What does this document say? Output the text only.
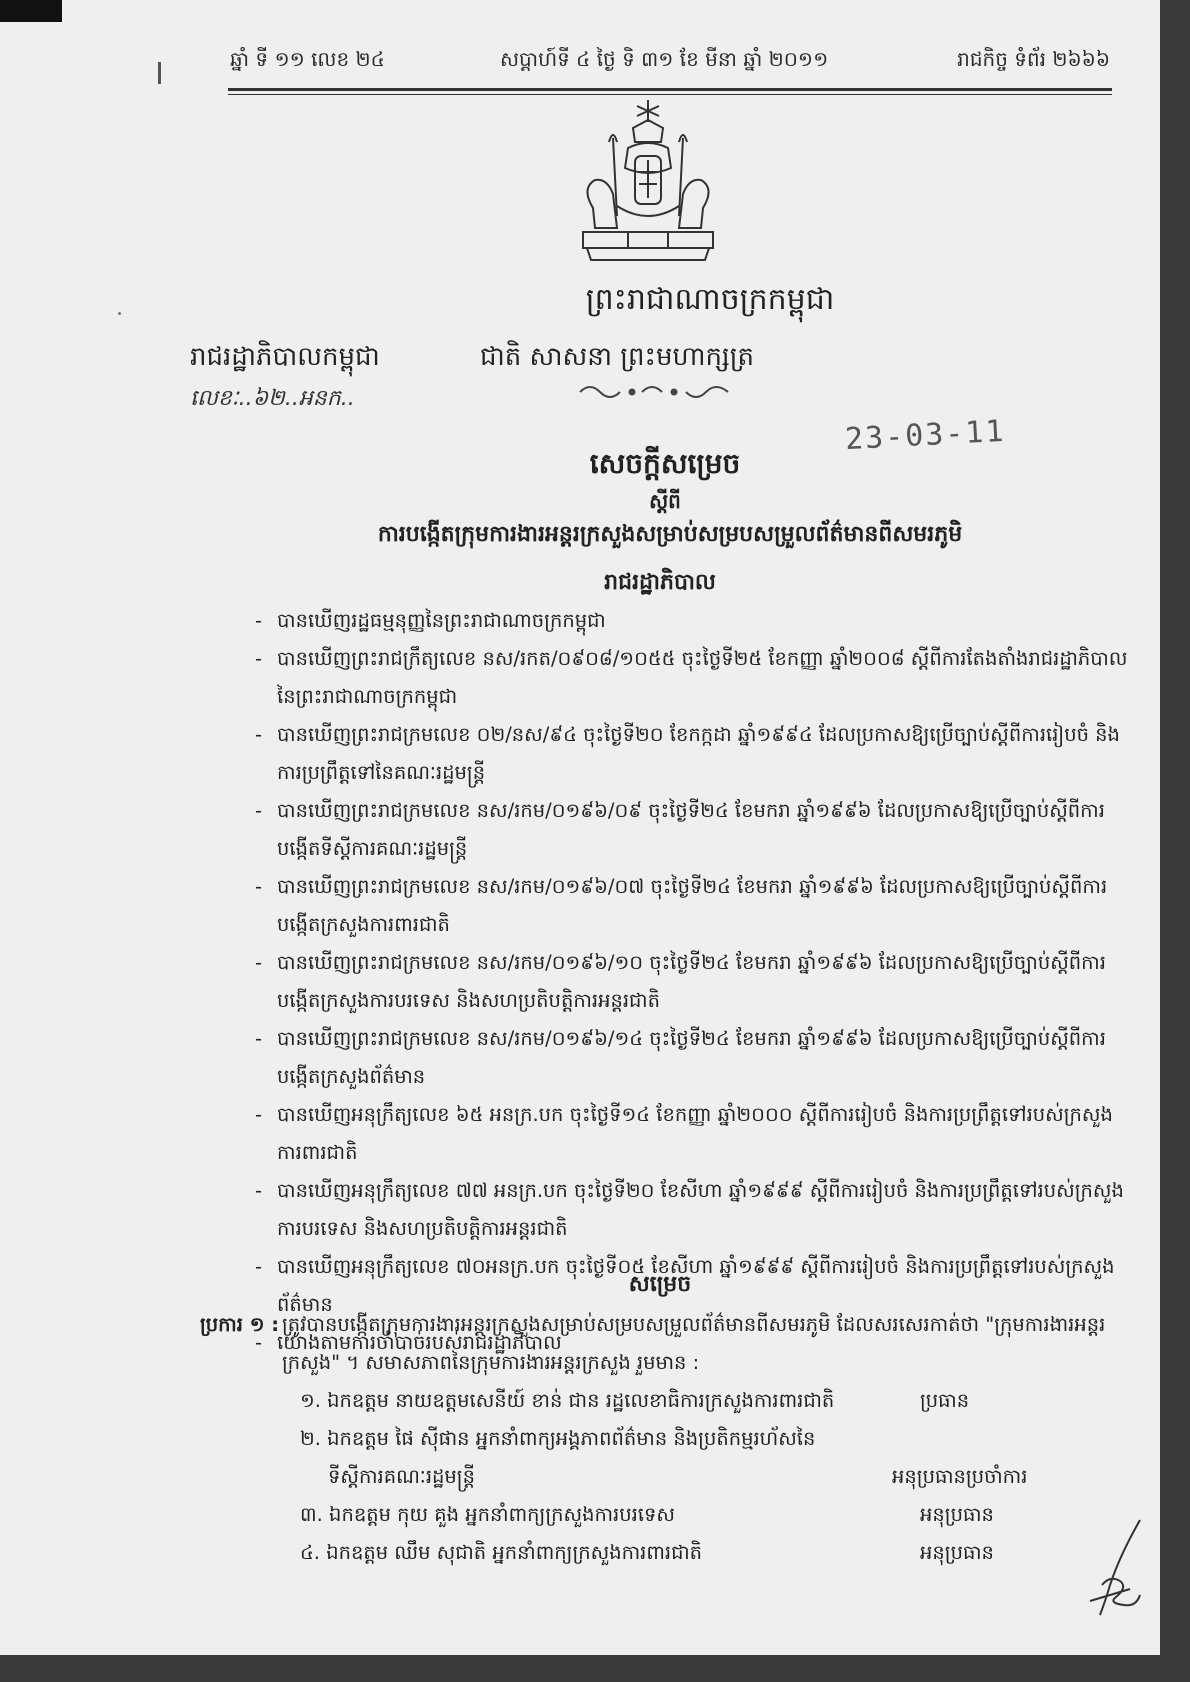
ឆ្នាំ ទី ១១ លេខ ២៤	សប្តាហ៍ទី ៤ ថ្ងៃ ទិ ៣១ ខែ មីនា ឆ្នាំ ២០១១	រាជកិច្ច ទំព័រ ២៦៦៦
ព្រះរាជាណាចក្រកម្ពុជា
រាជរដ្ឋាភិបាលកម្ពុជា	ជាតិ សាសនា ព្រះមហាក្សត្រ
លេខៈ..៦២..អនក..
23-03-11
សេចក្តីសម្រេច
ស្តីពី
ការបង្កើតក្រុមការងារអន្តរក្រសួងសម្រាប់សម្របសម្រួលព័ត៌មានពីសមរភូមិ
រាជរដ្ឋាភិបាល
- បានឃើញរដ្ឋធម្មនុញ្ញនៃព្រះរាជាណាចក្រកម្ពុជា
- បានឃើញព្រះរាជក្រឹត្យលេខ នស/រកត/០៩០៨/១០៥៥ ចុះថ្ងៃទី២៥ ខែកញ្ញា ឆ្នាំ២០០៨ ស្តីពីការតែងតាំងរាជរដ្ឋាភិបាលនៃព្រះរាជាណាចក្រកម្ពុជា
- បានឃើញព្រះរាជក្រមលេខ ០២/នស/៩៤ ចុះថ្ងៃទី២០ ខែកក្កដា ឆ្នាំ១៩៩៤ ដែលប្រកាសឱ្យប្រើច្បាប់ស្តីពីការរៀបចំ និងការប្រព្រឹត្តទៅនៃគណៈរដ្ឋមន្ត្រី
- បានឃើញព្រះរាជក្រមលេខ នស/រកម/០១៩៦/០៩ ចុះថ្ងៃទី២៤ ខែមករា ឆ្នាំ១៩៩៦ ដែលប្រកាសឱ្យប្រើច្បាប់ស្តីពីការបង្កើតទីស្តីការគណៈរដ្ឋមន្ត្រី
- បានឃើញព្រះរាជក្រមលេខ នស/រកម/០១៩៦/០៧ ចុះថ្ងៃទី២៤ ខែមករា ឆ្នាំ១៩៩៦ ដែលប្រកាសឱ្យប្រើច្បាប់ស្តីពីការបង្កើតក្រសួងការពារជាតិ
- បានឃើញព្រះរាជក្រមលេខ នស/រកម/០១៩៦/១០ ចុះថ្ងៃទី២៤ ខែមករា ឆ្នាំ១៩៩៦ ដែលប្រកាសឱ្យប្រើច្បាប់ស្តីពីការបង្កើតក្រសួងការបរទេស និងសហប្រតិបត្តិការអន្តរជាតិ
- បានឃើញព្រះរាជក្រមលេខ នស/រកម/០១៩៦/១៤ ចុះថ្ងៃទី២៤ ខែមករា ឆ្នាំ១៩៩៦ ដែលប្រកាសឱ្យប្រើច្បាប់ស្តីពីការបង្កើតក្រសួងព័ត៌មាន
- បានឃើញអនុក្រឹត្យលេខ ៦៥ អនក្រ.បក ចុះថ្ងៃទី១៤ ខែកញ្ញា ឆ្នាំ២០០០ ស្តីពីការរៀបចំ និងការប្រព្រឹត្តទៅរបស់ក្រសួងការពារជាតិ
- បានឃើញអនុក្រឹត្យលេខ ៧៧ អនក្រ.បក ចុះថ្ងៃទី២០ ខែសីហា ឆ្នាំ១៩៩៩ ស្តីពីការរៀបចំ និងការប្រព្រឹត្តទៅរបស់ក្រសួងការបរទេស និងសហប្រតិបត្តិការអន្តរជាតិ
- បានឃើញអនុក្រឹត្យលេខ ៧០អនក្រ.បក ចុះថ្ងៃទី០៥ ខែសីហា ឆ្នាំ១៩៩៩ ស្តីពីការរៀបចំ និងការប្រព្រឹត្តទៅរបស់ក្រសួងព័ត៌មាន
- យោងតាមការចាំបាច់របស់រាជរដ្ឋាភិបាល
សម្រេច
ប្រការ ១ : ត្រូវបានបង្កើតក្រុមការងារអន្តរក្រសួងសម្រាប់សម្របសម្រួលព័ត៌មានពីសមរភូមិ ដែលសរសេរកាត់ថា "ក្រុមការងារអន្តរក្រសួង" ។ សមាសភាពនៃក្រុមការងារអន្តរក្រសួង រួមមាន :
១. ឯកឧត្តម នាយឧត្តមសេនីយ៍ ខាន់ ជាន រដ្ឋលេខាធិការក្រសួងការពារជាតិ	ប្រធាន
២. ឯកឧត្តម ផៃ ស៊ីផាន អ្នកនាំពាក្យអង្គភាពព័ត៌មាន និងប្រតិកម្មរហ័សនៃ
ទីស្តីការគណៈរដ្ឋមន្ត្រី	អនុប្រធានប្រចាំការ
៣. ឯកឧត្តម កុយ គួង អ្នកនាំពាក្យក្រសួងការបរទេស	អនុប្រធាន
៤. ឯកឧត្តម ឈឹម សុជាតិ អ្នកនាំពាក្យក្រសួងការពារជាតិ	អនុប្រធាន
